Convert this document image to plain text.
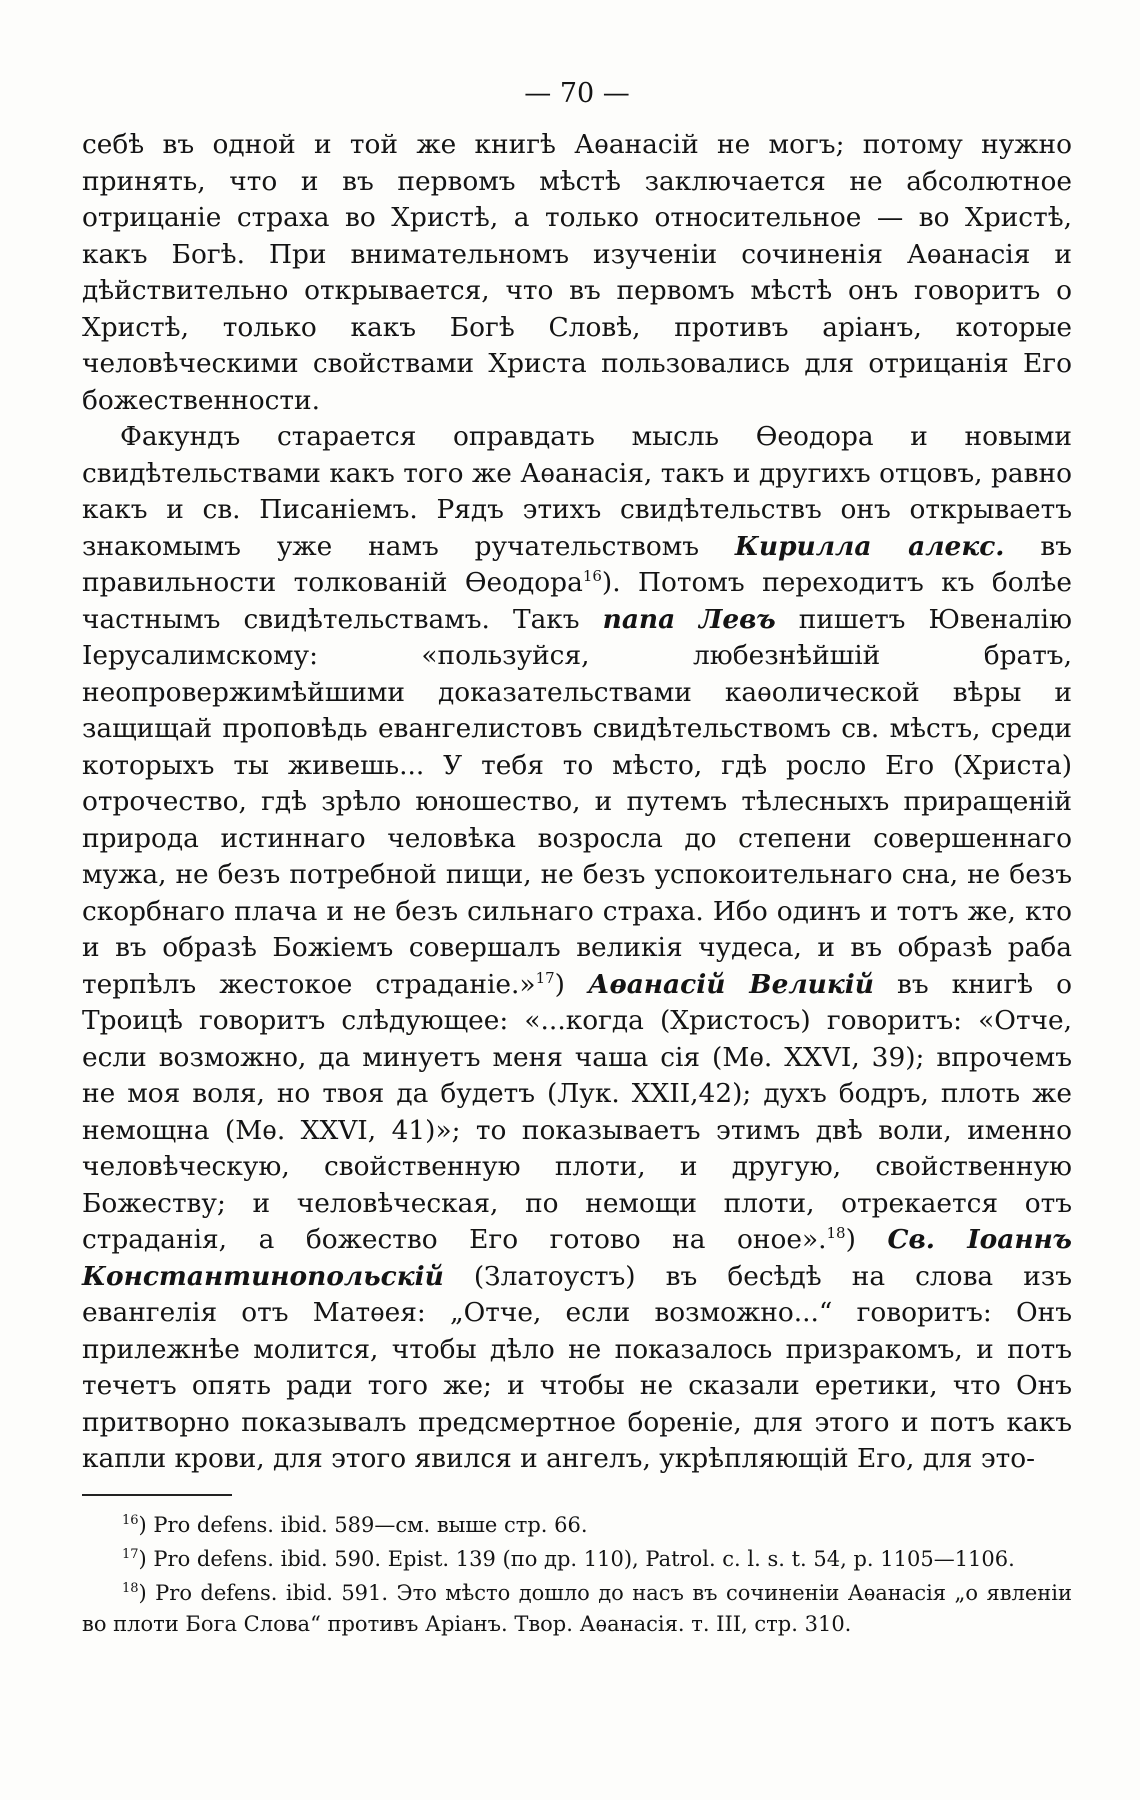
— 70 —

себѣ въ одной и той же книгѣ Аѳанасій не могъ; потому нужно принять, что и въ первомъ мѣстѣ заключается не абсолютное отрицаніе страха во Христѣ, а только относительное — во Христѣ, какъ Богѣ. При внимательномъ изученіи сочиненія Аѳанасія и дѣйствительно открывается, что въ первомъ мѣстѣ онъ говоритъ о Христѣ, только какъ Богѣ Словѣ, противъ аріанъ, которые человѣческими свойствами Христа пользовались для отрицанія Его божественности.

Факундъ старается оправдать мысль Ѳеодора и новыми свидѣтельствами какъ того же Аѳанасія, такъ и другихъ отцовъ, равно какъ и св. Писаніемъ. Рядъ этихъ свидѣтельствъ онъ открываетъ знакомымъ уже намъ ручательствомъ Кирилла алекс. въ правильности толкованій Ѳеодора$^{16}$). Потомъ переходитъ къ болѣе частнымъ свидѣтельствамъ. Такъ папа Левъ пишетъ Ювеналію Іерусалимскому: «пользуйся, любезнѣйшій братъ, неопровержимѣйшими доказательствами каѳолической вѣры и защищай проповѣдь евангелистовъ свидѣтельствомъ св. мѣстъ, среди которыхъ ты живешь... У тебя то мѣсто, гдѣ росло Его (Христа) отрочество, гдѣ зрѣло юношество, и путемъ тѣлесныхъ приращеній природа истиннаго человѣка возросла до степени совершеннаго мужа, не безъ потребной пищи, не безъ успокоительнаго сна, не безъ скорбнаго плача и не безъ сильнаго страха. Ибо одинъ и тотъ же, кто и въ образѣ Божіемъ совершалъ великія чудеса, и въ образѣ раба терпѣлъ жестокое страданіе.»$^{17}$) Аѳанасій Великій въ книгѣ о Троицѣ говоритъ слѣдующее: «...когда (Христосъ) говоритъ: «Отче, если возможно, да минуетъ меня чаша сія (Мѳ. XXVI, 39); впрочемъ не моя воля, но твоя да будетъ (Лук. XXII,42); духъ бодръ, плоть же немощна (Мѳ. XXVI, 41)»; то показываетъ этимъ двѣ воли, именно человѣческую, свойственную плоти, и другую, свойственную Божеству; и человѣческая, по немощи плоти, отрекается отъ страданія, а божество Его готово на оное».$^{18}$) Св. Іоаннъ Константинопольскій (Златоустъ) въ бесѣдѣ на слова изъ евангелія отъ Матѳея: „Отче, если возможно...“ говоритъ: Онъ прилежнѣе молится, чтобы дѣло не показалось призракомъ, и потъ течетъ опять ради того же; и чтобы не сказали еретики, что Онъ притворно показывалъ предсмертное бореніе, для этого и потъ какъ капли крови, для этого явился и ангелъ, укрѣпляющій Его, для это-

$^{16}$) Pro defens. ibid. 589—см. выше стр. 66.

$^{17}$) Pro defens. ibid. 590. Epist. 139 (по др. 110), Patrol. c. l. s. t. 54, p. 1105—1106.

$^{18}$) Pro defens. ibid. 591. Это мѣсто дошло до насъ въ сочиненіи Аѳанасія „о явленіи во плоти Бога Слова“ противъ Аріанъ. Твор. Аѳанасія. т. III, стр. 310.
